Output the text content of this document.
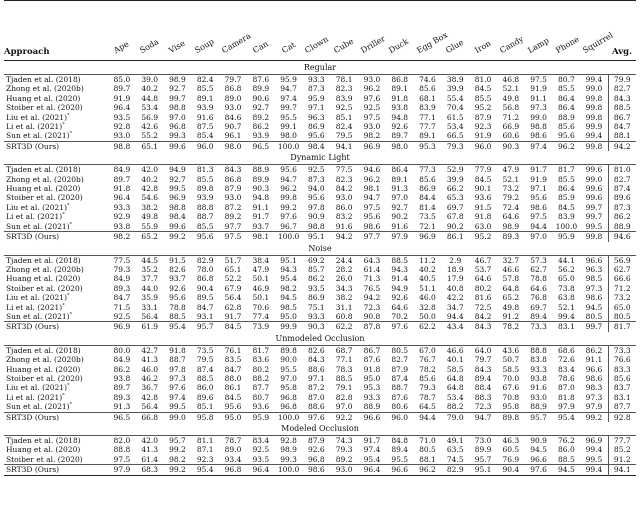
Approach	Ape	Soda	Vise	Soup	Camera	Can	Cat	Clown	Cube	Driller	Duck	Egg Box	Glue	Iron	Candy	Lamp	Phone	Squirrel	Avg.
Regular																			
Tjaden et al. (2018)	85.0	39.0	98.9	82.4	79.7	87.6	95.9	93.3	78.1	93.0	86.8	74.6	38.9	81.0	46.8	97.5	80.7	99.4	79.9
Zhong et al. (2020b)	89.7	40.2	92.7	85.5	86.8	89.9	94.7	87.3	82.3	96.2	89.1	85.6	39.9	84.5	52.1	91.9	85.5	99.0	82.7
Huang et al. (2020)	91.9	44.8	99.7	89.1	89.0	90.6	97.4	95.9	83.9	97.6	91.8	68.1	55.4	85.5	49.8	91.1	86.4	99.8	84.3
Stoiber et al. (2020)	96.4	53.4	98.8	93.9	93.0	92.7	99.7	97.1	92.5	92.5	93.8	83.9	70.4	95.2	56.8	97.3	86.4	99.8	88.5
Liu et al. (2021)*	93.5	56.9	97.0	91.6	84.6	89.2	95.5	96.3	85.1	97.5	94.8	77.1	61.5	87.9	71.2	99.0	88.9	99.8	86.7
Li et al. (2021)*	92.8	42.6	96.8	87.5	90.7	86.2	99.1	86.9	82.4	93.0	92.6	77.7	53.4	92.3	66.9	98.8	85.6	99.9	84.7
Sun et al. (2021)*	93.0	55.2	99.3	85.4	96.1	93.9	98.0	95.6	79.5	98.2	89.7	89.1	66.5	91.9	60.6	98.6	95.6	99.4	88.1
SRT3D (Ours)	98.8	65.1	99.6	96.0	98.0	96.5	100.0	98.4	94.1	96.9	98.0	95.3	79.3	96.0	90.3	97.4	96.2	99.8	94.2
Dynamic Light																			
Tjaden et al. (2018)	84.9	42.0	94.9	81.3	84.3	88.9	95.6	92.5	77.5	94.6	86.4	77.3	52.9	77.9	47.9	91.7	81.7	99.6	81.0
Zhong et al. (2020b)	89.7	40.2	92.7	85.5	86.8	89.9	94.7	87.3	82.3	96.2	89.1	85.6	39.9	84.5	52.1	91.9	85.5	99.0	82.7
Huang et al. (2020)	91.8	42.8	99.5	89.8	87.9	90.3	96.2	94.0	84.2	98.1	91.3	86.9	66.2	90.1	73.2	97.1	86.4	99.6	87.4
Stoiber et al. (2020)	96.4	54.6	96.9	93.9	93.0	94.8	99.8	95.6	93.0	94.7	97.0	84.4	65.3	93.6	79.2	95.6	85.9	99.6	89.6
Liu et al. (2021)*	93.3	38.2	98.8	88.8	87.2	91.1	99.2	97.8	86.0	97.5	92.7	81.4	69.7	91.5	72.4	98.6	84.5	99.7	87.3
Li et al. (2021)*	92.9	49.8	98.4	88.7	89.2	91.7	97.6	90.9	83.2	95.6	90.2	73.5	67.8	91.8	64.6	97.5	83.9	99.7	86.2
Sun et al. (2021)*	93.8	55.9	99.6	85.5	97.7	93.7	96.7	98.8	91.6	98.6	91.6	72.1	90.2	63.0	98.9	94.4	100.0	99.5	88.9
SRT3D (Ours)	98.2	65.2	99.2	95.6	97.5	98.1	100.0	95.1	94.2	97.7	97.9	96.9	86.1	95.2	89.3	97.0	95.9	99.8	94.6
Noise																			
Tjaden et al. (2018)	77.5	44.5	91.5	82.9	51.7	38.4	95.1	69.2	24.4	64.3	88.5	11.2	2.9	46.7	32.7	57.3	44.1	96.6	56.9
Zhong et al. (2020b)	79.3	35.2	82.6	78.0	65.1	47.9	94.3	85.7	28.2	61.4	94.3	40.2	18.9	53.7	46.6	62.7	56.2	96.3	62.7
Huang et al. (2020)	84.9	37.7	93.7	86.8	52.2	50.1	95.4	86.2	26.0	71.3	91.4	40.5	17.9	64.6	57.8	78.8	65.0	98.5	66.6
Stoiber et al. (2020)	89.3	44.0	92.6	90.4	67.9	46.9	98.2	93.5	34.3	76.5	94.9	51.1	40.8	80.2	64.8	64.6	73.8	97.3	71.2
Liu et al. (2021)*	84.7	35.9	95.6	89.5	56.4	50.1	94.5	86.9	38.2	94.2	92.6	46.0	42.2	81.6	65.2	76.8	63.8	98.6	73.2
Li et al. (2021)*	71.5	33.1	78.8	84.7	62.8	70.6	98.5	75.1	31.1	72.3	64.6	32.8	34.7	72.5	49.8	69.7	52.1	94.5	65.0
Sun et al. (2021)*	92.5	56.4	88.5	93.1	91.7	77.4	95.0	93.3	60.8	90.8	70.2	50.0	94.4	84.2	91.2	89.4	99.4	80.5	80.5
SRT3D (Ours)	96.9	61.9	95.4	95.7	84.5	73.9	99.9	90.3	62.2	87.8	97.6	62.2	43.4	84.3	78.2	73.3	83.1	99.7	81.7
Unmodeled Occlusion																			
Tjaden et al. (2018)	80.0	42.7	91.8	73.5	76.1	81.7	89.8	82.6	68.7	86.7	80.5	67.0	46.6	64.0	43.6	88.8	68.6	86.2	73.3
Zhong et al. (2020b)	84.9	41.3	88.7	79.5	83.5	83.6	90.0	84.3	77.1	87.6	82.7	76.7	40.1	79.7	50.7	83.8	72.6	91.1	76.6
Huang et al. (2020)	86.2	46.0	97.8	87.4	84.7	80.2	95.5	88.6	78.3	91.8	87.9	78.2	58.5	84.3	58.5	93.3	83.4	96.6	83.3
Stoiber et al. (2020)	93.8	46.2	97.3	88.5	88.0	88.2	97.0	97.1	88.5	95.0	87.4	85.6	64.8	89.4	70.0	93.8	78.6	98.6	85.6
Liu et al. (2021)*	89.7	36.7	97.6	86.0	86.1	87.7	95.8	87.2	79.1	95.3	88.7	79.3	64.8	88.4	67.6	91.6	87.0	98.3	83.7
Li et al. (2021)*	89.3	42.8	97.4	89.6	84.5	80.7	96.8	87.0	82.8	93.3	87.6	78.7	53.4	88.3	70.8	93.0	81.8	97.3	83.1
Sun et al. (2021)*	91.3	56.4	99.5	85.1	95.6	93.6	96.8	88.6	97.0	88.9	80.6	64.5	88.2	72.3	95.8	88.9	97.9	97.9	87.7
SRT3D (Ours)	96.5	66.8	99.0	95.8	95.0	95.9	100.0	97.6	92.2	96.6	96.0	94.4	79.0	94.7	89.8	95.7	95.4	99.2	92.8
Modeled Occlusion																			
Tjaden et al. (2018)	82.0	42.0	95.7	81.1	78.7	83.4	92.8	87.9	74.3	91.7	84.8	71.0	49.1	73.0	46.3	90.9	76.2	96.9	77.7
Huang et al. (2020)	88.8	41.3	99.2	87.1	89.0	92.5	98.9	92.6	79.3	97.4	89.4	80.5	63.5	89.9	60.5	94.5	86.0	99.4	85.2
Stoiber et al. (2020)	97.5	61.4	98.2	92.3	93.4	93.5	99.3	96.8	89.2	95.4	95.5	88.1	74.5	95.7	76.9	96.6	88.5	99.5	91.2
SRT3D (Ours)	97.9	68.3	99.2	95.4	96.8	96.4	100.0	98.6	93.0	96.4	96.6	96.2	82.9	95.1	90.4	97.6	94.5	99.4	94.1
